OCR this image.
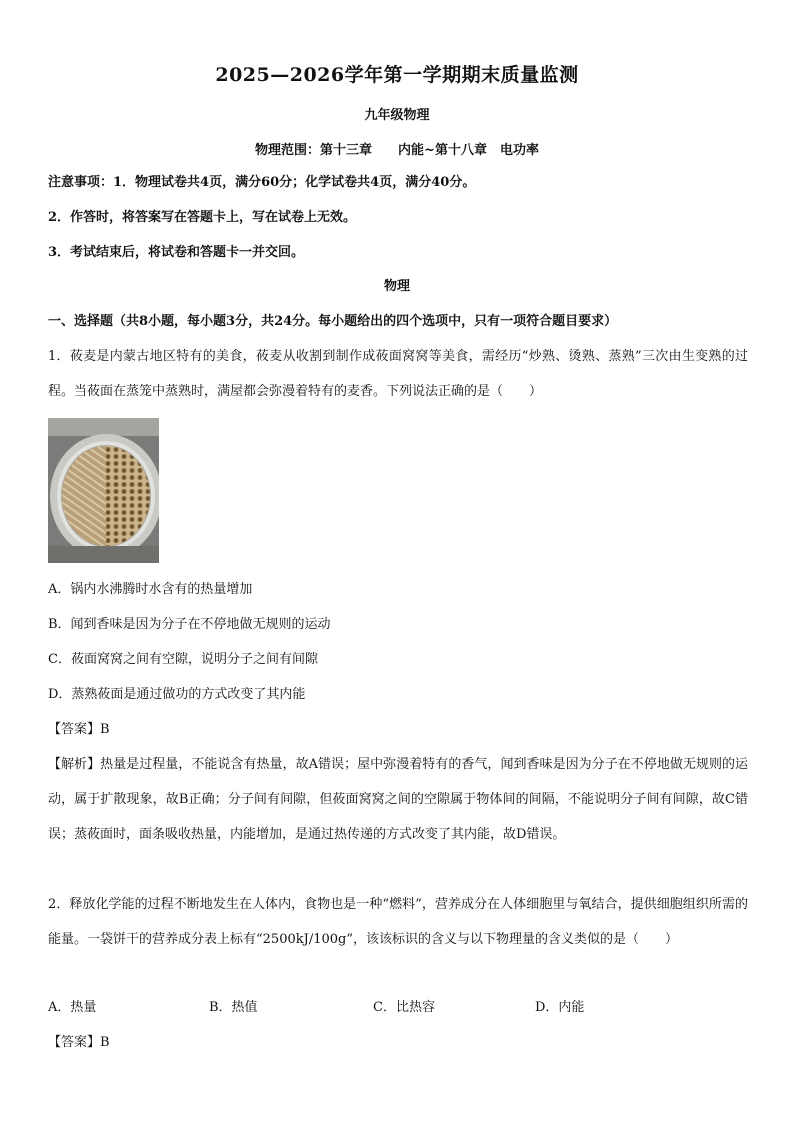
2025—2026学年第一学期期末质量监测
九年级物理
物理范围：第十三章　　内能~第十八章　电功率
注意事项：1．物理试卷共4页，满分60分；化学试卷共4页，满分40分。
2．作答时，将答案写在答题卡上，写在试卷上无效。
3．考试结束后，将试卷和答题卡一并交回。
物理
一、选择题（共8小题，每小题3分，共24分。每小题给出的四个选项中，只有一项符合题目要求）
1．莜麦是内蒙古地区特有的美食，莜麦从收割到制作成莜面窝窝等美食，需经历“炒熟、烫熟、蒸熟”三次由生变熟的过程。当莜面在蒸笼中蒸熟时，满屋都会弥漫着特有的麦香。下列说法正确的是（　　）
A．锅内水沸腾时水含有的热量增加
B．闻到香味是因为分子在不停地做无规则的运动
C．莜面窝窝之间有空隙，说明分子之间有间隙
D．蒸熟莜面是通过做功的方式改变了其内能
【答案】B
【解析】热量是过程量，不能说含有热量，故A错误；屋中弥漫着特有的香气，闻到香味是因为分子在不停地做无规则的运动，属于扩散现象，故B正确；分子间有间隙，但莜面窝窝之间的空隙属于物体间的间隔，不能说明分子间有间隙，故C错误；蒸莜面时，面条吸收热量，内能增加，是通过热传递的方式改变了其内能，故D错误。
2．释放化学能的过程不断地发生在人体内，食物也是一种“燃料”，营养成分在人体细胞里与氧结合，提供细胞组织所需的能量。一袋饼干的营养成分表上标有“2500kJ/100g”，该该标识的含义与以下物理量的含义类似的是（　　）
A．热量	B．热值	C．比热容	D．内能
【答案】B
